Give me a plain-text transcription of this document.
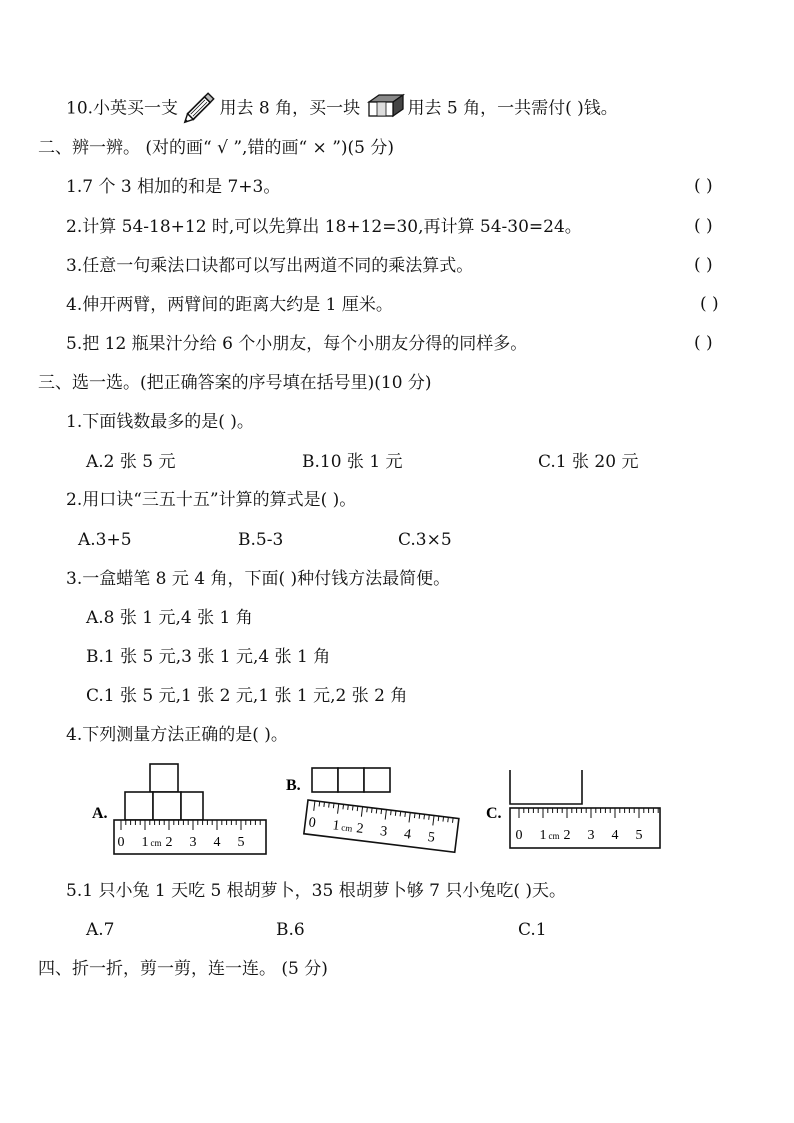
10.小英买一支 用去 8 角，买一块	用去 5 角，一共需付( )钱。
二、辨一辨。 (对的画“ √ ”,错的画“ × ”)(5 分)
1.7 个 3 相加的和是 7+3。	( )
2.计算 54-18+12 时,可以先算出 18+12=30,再计算 54-30=24。	( )
3.任意一句乘法口诀都可以写出两道不同的乘法算式。	( )
4.伸开两臂，两臂间的距离大约是 1 厘米。	( )
5.把 12 瓶果汁分给 6 个小朋友，每个小朋友分得的同样多。	( )
三、选一选。(把正确答案的序号填在括号里)(10 分)
1.下面钱数最多的是( )。
A.2 张 5 元	B.10 张 1 元	C.1 张 20 元
2.用口诀“三五十五”计算的算式是( )。
A.3+5	B.5-3	C.3×5
3.一盒蜡笔 8 元 4 角，下面( )种付钱方法最简便。
A.8 张 1 元,4 张 1 角
B.1 张 5 元,3 张 1 元,4 张 1 角
C.1 张 5 元,1 张 2 元,1 张 1 元,2 张 2 角
4.下列测量方法正确的是( )。
A.
0 1 cm 2 3 4 5
B.
0 1 cm 2 3 4 5
C.
0 1 cm 2 3 4 5
5.1 只小兔 1 天吃 5 根胡萝卜，35 根胡萝卜够 7 只小兔吃( )天。
A.7	B.6	C.1
四、折一折，剪一剪，连一连。 (5 分)
